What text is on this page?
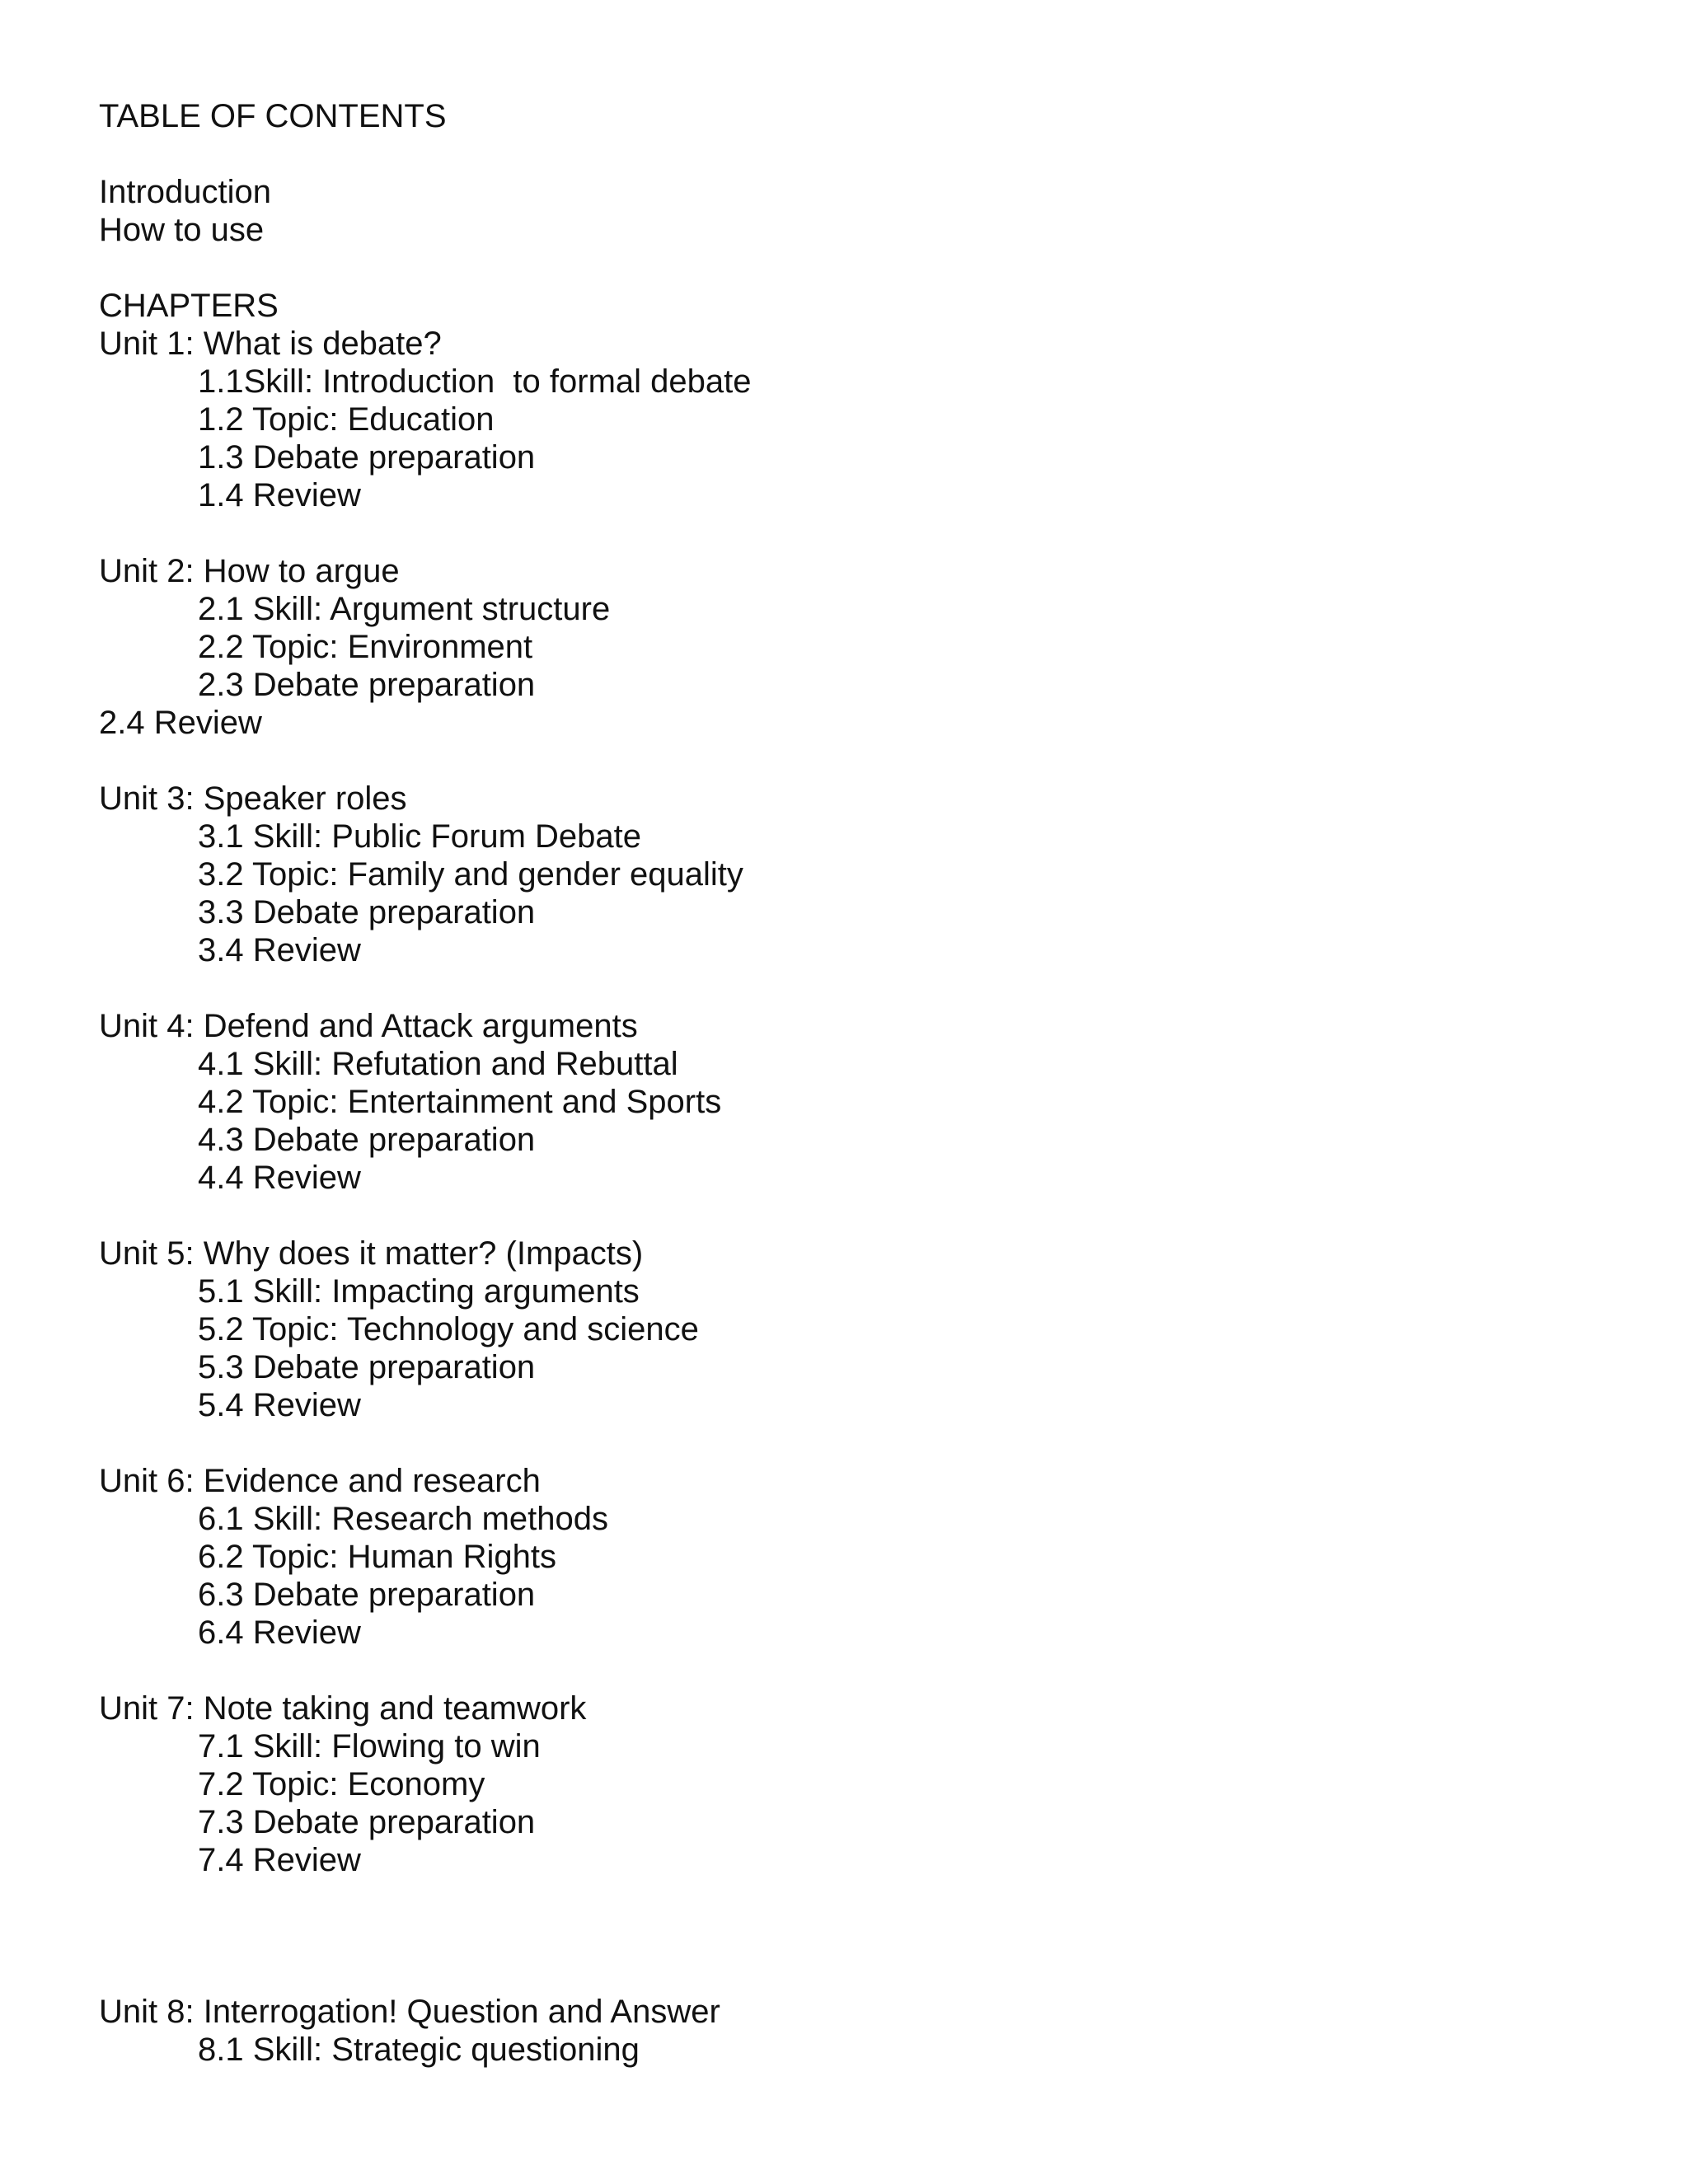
TABLE OF CONTENTS

Introduction

How to use

CHAPTERS

Unit 1: What is debate?

1.1Skill: Introduction  to formal debate

1.2 Topic: Education

1.3 Debate preparation

1.4 Review

Unit 2: How to argue

2.1 Skill: Argument structure

2.2 Topic: Environment

2.3 Debate preparation

2.4 Review

Unit 3: Speaker roles

3.1 Skill: Public Forum Debate

3.2 Topic: Family and gender equality

3.3 Debate preparation

3.4 Review

Unit 4: Defend and Attack arguments

4.1 Skill: Refutation and Rebuttal

4.2 Topic: Entertainment and Sports

4.3 Debate preparation

4.4 Review

Unit 5: Why does it matter? (Impacts)

5.1 Skill: Impacting arguments

5.2 Topic: Technology and science

5.3 Debate preparation

5.4 Review

Unit 6: Evidence and research

6.1 Skill: Research methods

6.2 Topic: Human Rights

6.3 Debate preparation

6.4 Review

Unit 7: Note taking and teamwork

7.1 Skill: Flowing to win

7.2 Topic: Economy

7.3 Debate preparation

7.4 Review

Unit 8: Interrogation! Question and Answer

8.1 Skill: Strategic questioning
